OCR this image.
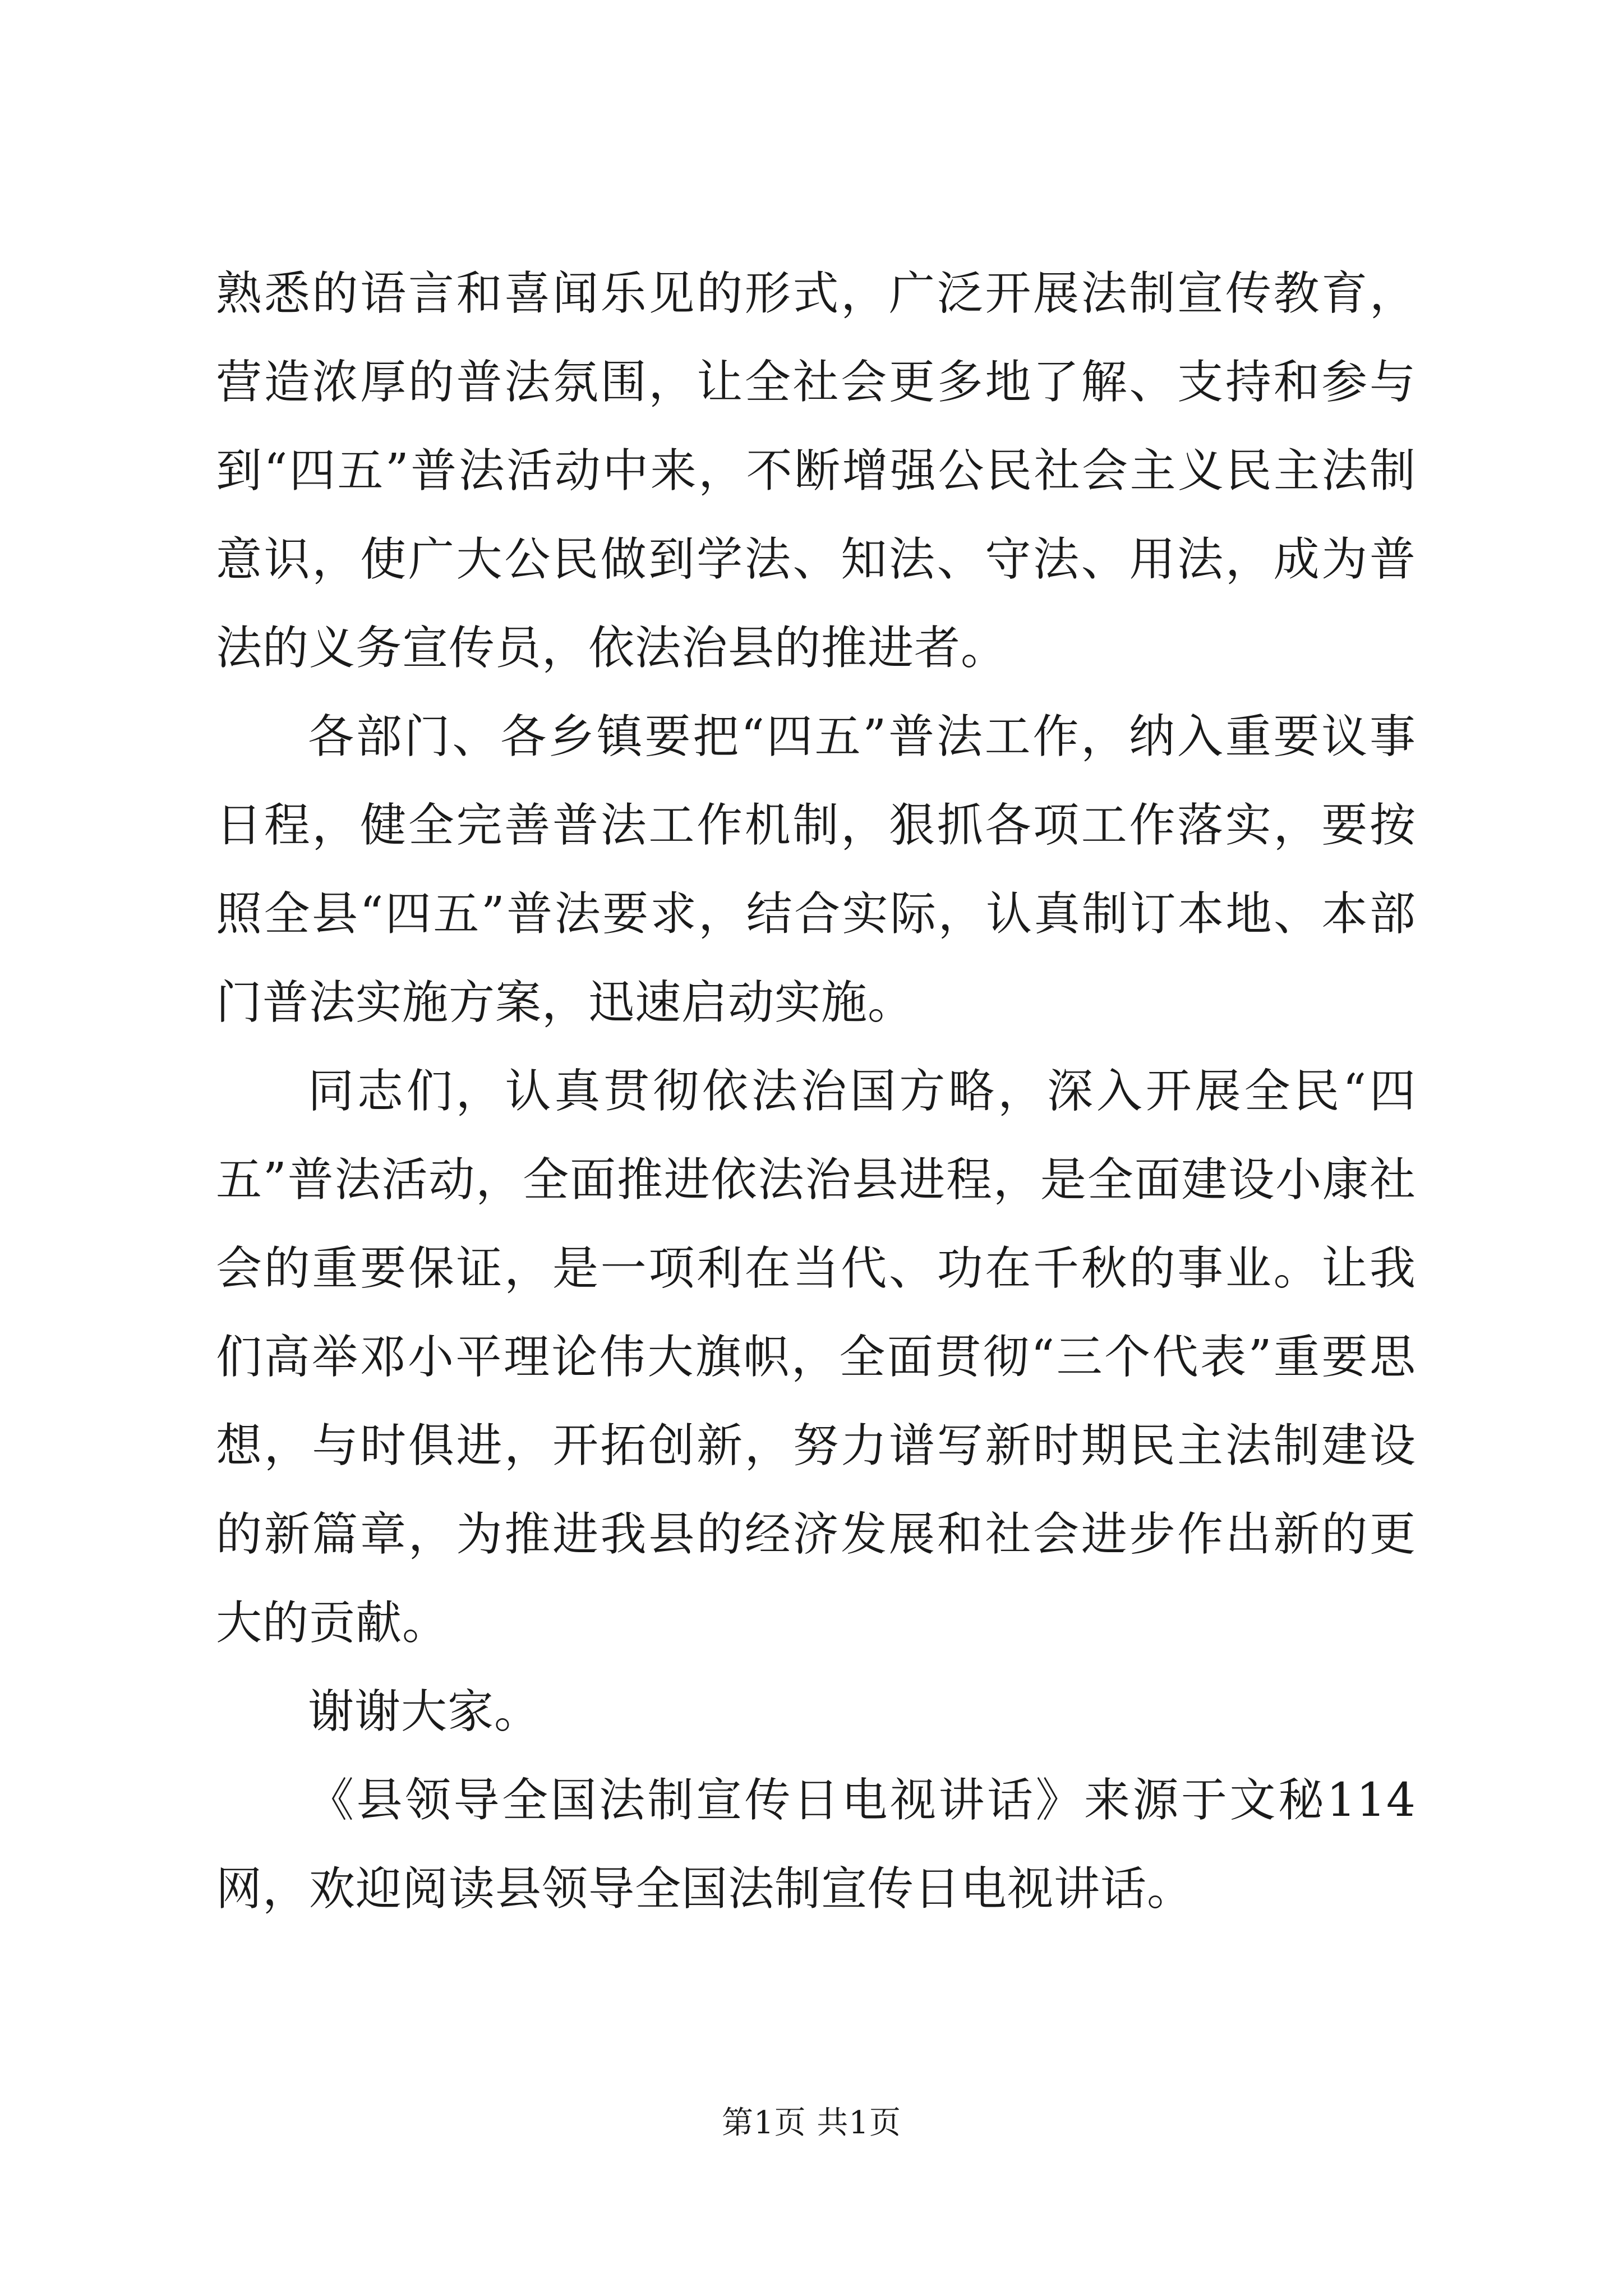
熟悉的语言和喜闻乐见的形式，广泛开展法制宣传教育，营造浓厚的普法氛围，让全社会更多地了解、支持和参与到“四五”普法活动中来，不断增强公民社会主义民主法制意识，使广大公民做到学法、知法、守法、用法，成为普法的义务宣传员，依法治县的推进者。

各部门、各乡镇要把“四五”普法工作，纳入重要议事日程，健全完善普法工作机制，狠抓各项工作落实，要按照全县“四五”普法要求，结合实际，认真制订本地、本部门普法实施方案，迅速启动实施。

同志们，认真贯彻依法治国方略，深入开展全民“四五”普法活动，全面推进依法治县进程，是全面建设小康社会的重要保证，是一项利在当代、功在千秋的事业。让我们高举邓小平理论伟大旗帜，全面贯彻“三个代表”重要思想，与时俱进，开拓创新，努力谱写新时期民主法制建设的新篇章，为推进我县的经济发展和社会进步作出新的更大的贡献。

谢谢大家。

《县领导全国法制宣传日电视讲话》来源于文秘114网，欢迎阅读县领导全国法制宣传日电视讲话。

第1页 共1页
